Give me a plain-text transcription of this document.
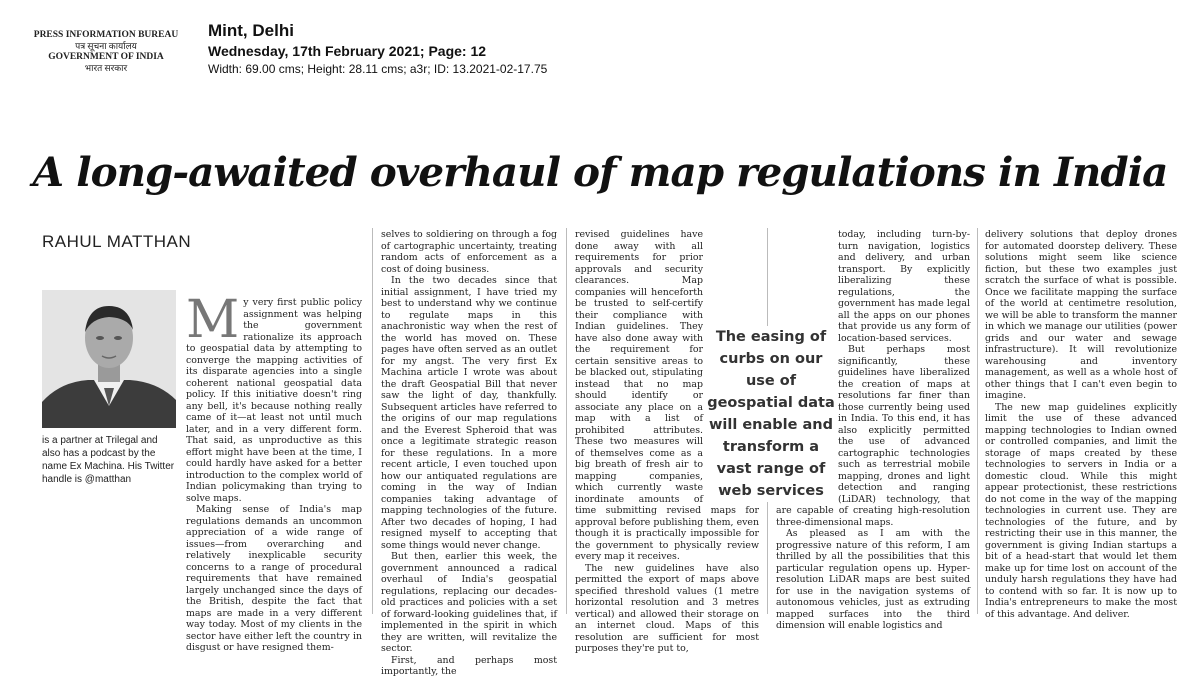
PRESS INFORMATION BUREAU
पत्र सूचना कार्यालय
GOVERNMENT OF INDIA
भारत सरकार
Mint, Delhi
Wednesday, 17th February 2021; Page: 12
Width: 69.00 cms; Height: 28.11 cms; a3r; ID: 13.2021-02-17.75
A long-awaited overhaul of map regulations in India
RAHUL MATTHAN
is a partner at Trilegal and also has a podcast by the name Ex Machina. His Twitter handle is @matthan

My very first public policy assignment was helping the government rationalize its approach to geospatial data by attempting to converge the mapping activities of its disparate agencies into a single coherent national geospatial data policy. If this initiative doesn't ring any bell, it's because nothing really came of it—at least not until much later, and in a very different form. That said, as unproductive as this effort might have been at the time, I could hardly have asked for a better introduction to the complex world of Indian policymaking than trying to solve maps.

Making sense of India's map regulations demands an uncommon appreciation of a wide range of issues—from overarching and relatively inexplicable security concerns to a range of procedural requirements that have remained largely unchanged since the days of the British, despite the fact that maps are made in a very different way today. Most of my clients in the sector have either left the country in disgust or have resigned them-

selves to soldiering on through a fog of cartographic uncertainty, treating random acts of enforcement as a cost of doing business.

In the two decades since that initial assignment, I have tried my best to understand why we continue to regulate maps in this anachronistic way when the rest of the world has moved on. These pages have often served as an outlet for my angst. The very first Ex Machina article I wrote was about the draft Geospatial Bill that never saw the light of day, thankfully. Subsequent articles have referred to the origins of our map regulations and the Everest Spheroid that was once a legitimate strategic reason for these regulations. In a more recent article, I even touched upon how our antiquated regulations are coming in the way of Indian companies taking advantage of mapping technologies of the future. After two decades of hoping, I had resigned myself to accepting that some things would never change.

But then, earlier this week, the government announced a radical overhaul of India's geospatial regulations, replacing our decades-old practices and policies with a set of forward-looking guidelines that, if implemented in the spirit in which they are written, will revitalize the sector.

First, and perhaps most importantly, the

revised guidelines have done away with all requirements for prior approvals and security clearances. Map companies will henceforth be trusted to self-certify their compliance with Indian guidelines. They have also done away with the requirement for certain sensitive areas to be blacked out, stipulating instead that no map should identify or associate any place on a map with a list of prohibited attributes. These two measures will of themselves come as a big breath of fresh air to mapping companies, which currently waste inordinate amounts of time submitting revised maps for approval before publishing them, even though it is practically impossible for the government to physically review every map it receives.

The new guidelines have also permitted the export of maps above specified threshold values (1 metre horizontal resolution and 3 metres vertical) and allowed their storage on an internet cloud. Maps of this resolution are sufficient for most purposes they're put to,

today, including turn-by-turn navigation, logistics and delivery, and urban transport. By explicitly liberalizing these regulations, the government has made legal all the apps on our phones that provide us any form of location-based services.

But perhaps most significantly, these guidelines have liberalized the creation of maps at resolutions far finer than those currently being used in India. To this end, it has also explicitly permitted the use of advanced cartographic technologies such as terrestrial mobile mapping, drones and light detection and ranging (LiDAR) technology, that are capable of creating high-resolution three-dimensional maps.

As pleased as I am with the progressive nature of this reform, I am thrilled by all the possibilities that this particular regulation opens up. Hyper-resolution LiDAR maps are best suited for use in the navigation systems of autonomous vehicles, just as extruding mapped surfaces into the third dimension will enable logistics and

delivery solutions that deploy drones for automated doorstep delivery. These solutions might seem like science fiction, but these two examples just scratch the surface of what is possible. Once we facilitate mapping the surface of the world at centimetre resolution, we will be able to transform the manner in which we manage our utilities (power grids and our water and sewage infrastructure). It will revolutionize warehousing and inventory management, as well as a whole host of other things that I can't even begin to imagine.

The new map guidelines explicitly limit the use of these advanced mapping technologies to Indian owned or controlled companies, and limit the storage of maps created by these technologies to servers in India or a domestic cloud. While this might appear protectionist, these restrictions do not come in the way of the mapping technologies in current use. They are technologies of the future, and by restricting their use in this manner, the government is giving Indian startups a bit of a head-start that would let them make up for time lost on account of the unduly harsh regulations they have had to contend with so far. It is now up to India's entrepreneurs to make the most of this advantage. And deliver.

The easing of curbs on our use of geospatial data will enable and transform a vast range of web services
